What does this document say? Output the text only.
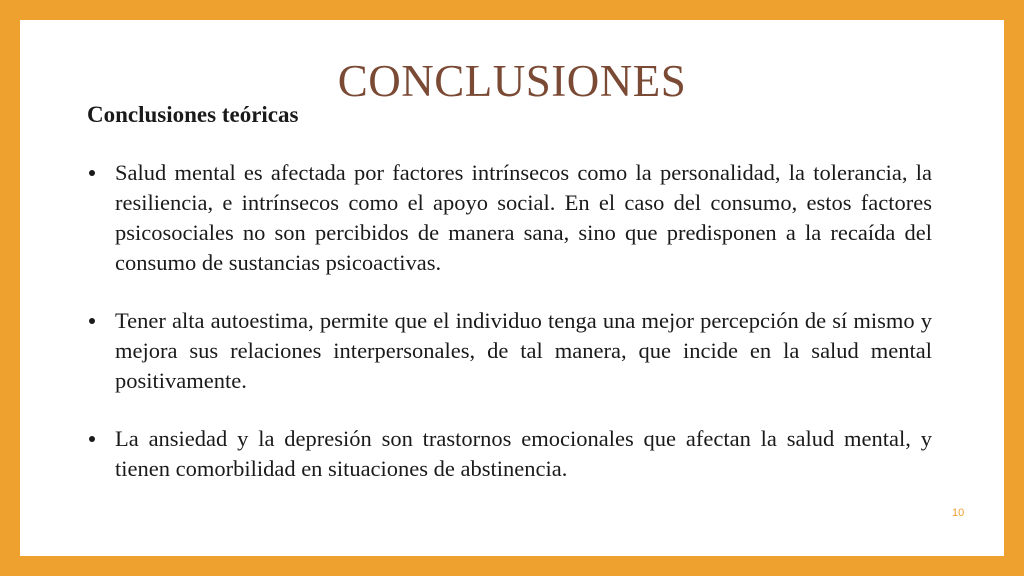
CONCLUSIONES
Conclusiones teóricas
Salud mental es afectada por factores intrínsecos como la personalidad, la tolerancia, la resiliencia, e intrínsecos como el apoyo social. En el caso del consumo, estos factores psicosociales no son percibidos de manera sana, sino que predisponen a la recaída del consumo de sustancias psicoactivas.
Tener alta autoestima, permite que el individuo tenga una mejor percepción de sí mismo y mejora sus relaciones interpersonales, de tal manera, que incide en la salud mental positivamente.
La ansiedad y la depresión son trastornos emocionales que afectan la salud mental, y tienen comorbilidad en situaciones de abstinencia.
10
